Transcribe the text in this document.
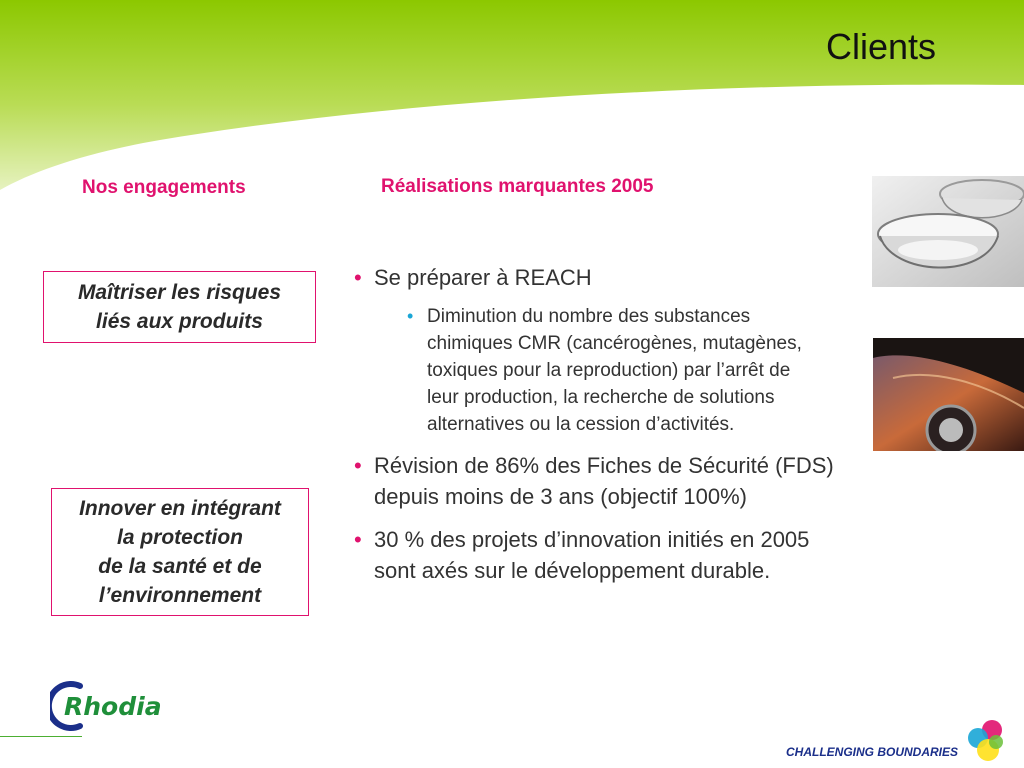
Clients
Nos engagements	Réalisations marquantes 2005
Maîtriser les risques
liés aux produits
Innover en intégrant
la protection
de la santé et de
l’environnement
• Se préparer à REACH
• Diminution du nombre des substances chimiques CMR (cancérogènes, mutagènes, toxiques pour la reproduction) par l’arrêt de leur production, la recherche de solutions alternatives ou la cession d’activités.
• Révision de 86% des Fiches de Sécurité (FDS) depuis moins de 3 ans (objectif 100%)
• 30 % des projets d’innovation initiés en 2005 sont axés sur le développement durable.
Rhodia
CHALLENGING BOUNDARIES
